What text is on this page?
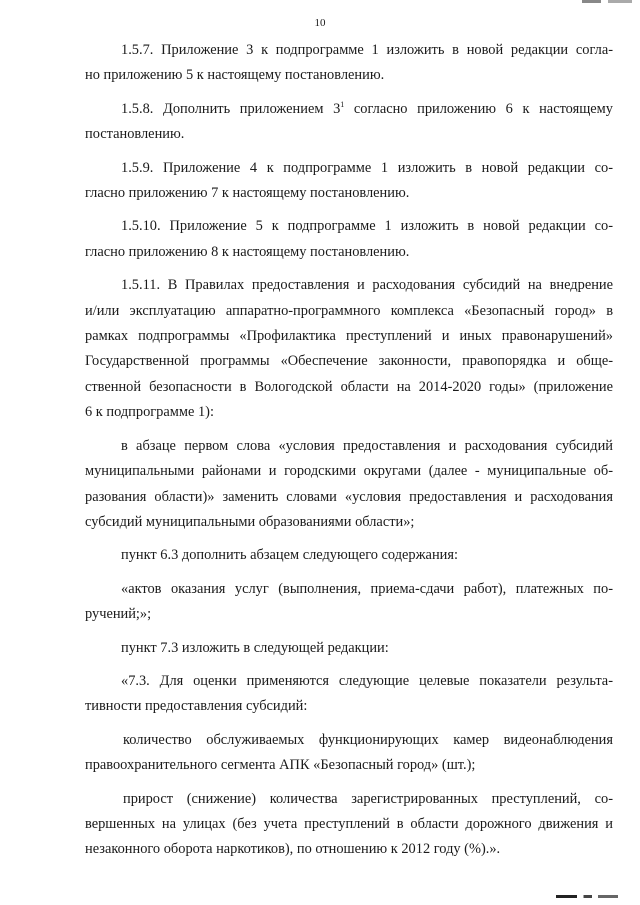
10

1.5.7. Приложение 3 к подпрограмме 1 изложить в новой редакции согла-
но приложению 5 к настоящему постановлению.

1.5.8. Дополнить приложением $3^1$ согласно приложению 6 к настоящему
постановлению.

1.5.9. Приложение 4 к подпрограмме 1 изложить в новой редакции со-
гласно приложению 7 к настоящему постановлению.

1.5.10. Приложение 5 к подпрограмме 1 изложить в новой редакции со-
гласно приложению 8 к настоящему постановлению.

1.5.11. В Правилах предоставления и расходования субсидий на внедрение
и/или эксплуатацию аппаратно-программного комплекса «Безопасный город» в
рамках подпрограммы «Профилактика преступлений и иных правонарушений»
Государственной программы «Обеспечение законности, правопорядка и обще-
ственной безопасности в Вологодской области на 2014-2020 годы» (приложение
6 к подпрограмме 1):

в абзаце первом слова «условия предоставления и расходования субсидий
муниципальными районами и городскими округами (далее - муниципальные об-
разования области)» заменить словами «условия предоставления и расходования
субсидий муниципальными образованиями области»;

пункт 6.3 дополнить абзацем следующего содержания:

«актов оказания услуг (выполнения, приема-сдачи работ), платежных по-
ручений;»;

пункт 7.3 изложить в следующей редакции:

«7.3. Для оценки применяются следующие целевые показатели результа-
тивности предоставления субсидий:

количество обслуживаемых функционирующих камер видеонаблюдения
правоохранительного сегмента АПК «Безопасный город» (шт.);

прирост (снижение) количества зарегистрированных преступлений, со-
вершенных на улицах (без учета преступлений в области дорожного движения и
незаконного оборота наркотиков), по отношению к 2012 году (%).».
